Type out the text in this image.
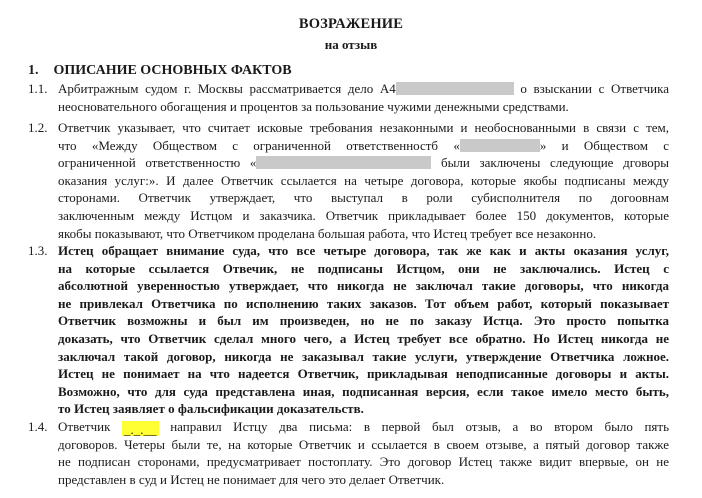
ВОЗРАЖЕНИЕ
на отзыв
1. ОПИСАНИЕ ОСНОВНЫХ ФАКТОВ
1.1. Арбитражным судом г. Москвы рассматривается дело А4	о взыскании с Ответчика
неосновательного обогащения и процентов за пользование чужими денежными средствами.
1.2. Ответчик указывает, что считает исковые требования незаконными и необоснованными в связи с тем,
что «Между Обществом с ограниченной ответственностб «	» и Обществом с
ограниченной ответственностю «	были заключены следующие дговоры
оказания услуг:». И далее Ответчик ссылается на четыре договора, которые якобы подписаны между
сторонами. Ответчик утверждает, что выступал в роли субисполнителя по догоовнам
заключенным между Истцом и заказчика. Ответчик прикладывает более 150 документов, которые
якобы показывают, что Ответчиком проделана большая работа, что Истец требует все незаконно.
1.3. Истец обращает внимание суда, что все четыре договора, так же как и акты оказания услуг,
на которые ссылается Отвечик, не подписаны Истцом, они не заключались. Истец с
абсолютной уверенностью утверждает, что никогда не заключал такие договоры, что никогда
не привлекал Ответчика по исполнению таких заказов. Тот объем работ, который показывает
Ответчик возможны и был им произведен, но не по заказу Истца. Это просто попытка
доказать, что Ответчик сделал много чего, а Истец требует все обратно. Но Истец никогда не
заключал такой договор, никогда не заказывал такие услуги, утверждение Ответчика ложное.
Истец не понимает на что надеется Ответчик, прикладывая неподписанные договоры и акты.
Возможно, что для суда представлена иная, подписанная версия, если такое имело место быть,
то Истец заявляет о фальсификации доказательств.
1.4. Ответчик _._.__ направил Истцу два письма: в первой был отзыв, а во втором было пять
договоров. Четеры были те, на которые Ответчик и ссылается в своем отзыве, а пятый договор также
не подписан сторонами, предусматривает постоплату. Это договор Истец также видит впервые, он не
представлен в суд и Истец не понимает для чего это делает Ответчик.
